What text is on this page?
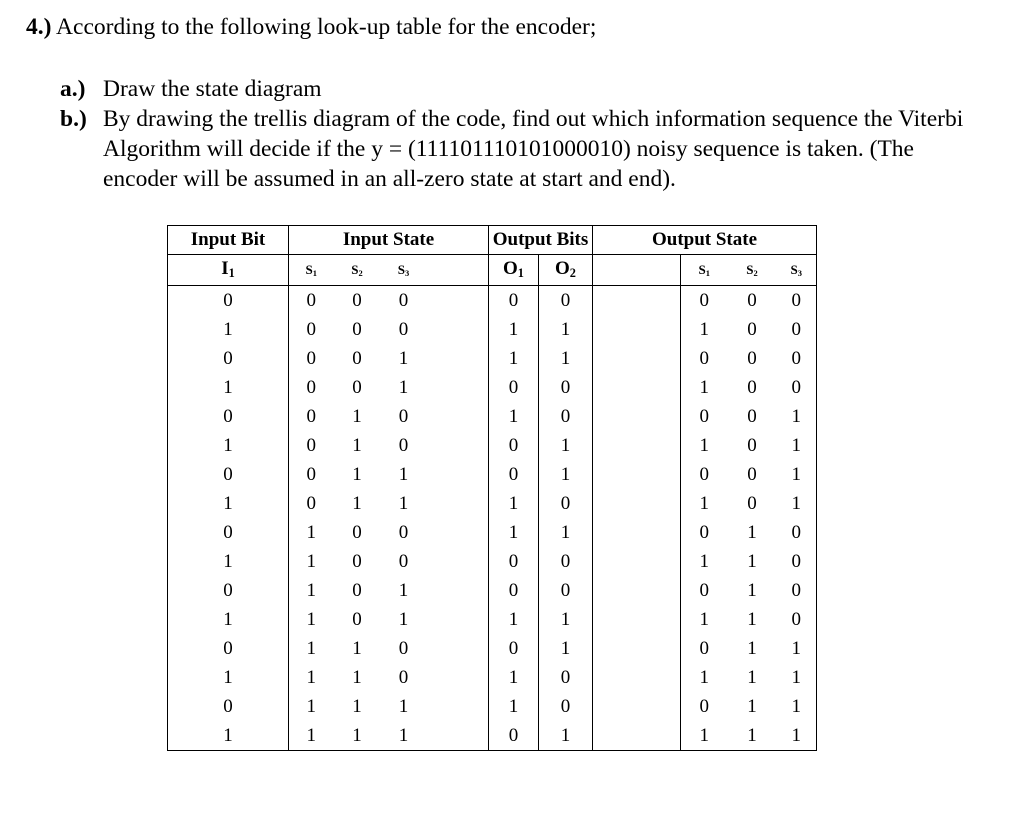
4.) According to the following look-up table for the encoder;
a.) Draw the state diagram
b.) By drawing the trellis diagram of the code, find out which information sequence the Viterbi Algorithm will decide if the y = (111101110101000010) noisy sequence is taken. (The encoder will be assumed in an all-zero state at start and end).
Input Bit	Input State				Output Bits		Output State			
$I_1$	$S_1$	$S_2$	$S_3$		$O_1$	$O_2$		$S_1$	$S_2$	$S_3$
0	0	0	0		0	0		0	0	0
1	0	0	0		1	1		1	0	0
0	0	0	1		1	1		0	0	0
1	0	0	1		0	0		1	0	0
0	0	1	0		1	0		0	0	1
1	0	1	0		0	1		1	0	1
0	0	1	1		0	1		0	0	1
1	0	1	1		1	0		1	0	1
0	1	0	0		1	1		0	1	0
1	1	0	0		0	0		1	1	0
0	1	0	1		0	0		0	1	0
1	1	0	1		1	1		1	1	0
0	1	1	0		0	1		0	1	1
1	1	1	0		1	0		1	1	1
0	1	1	1		1	0		0	1	1
1	1	1	1		0	1		1	1	1
